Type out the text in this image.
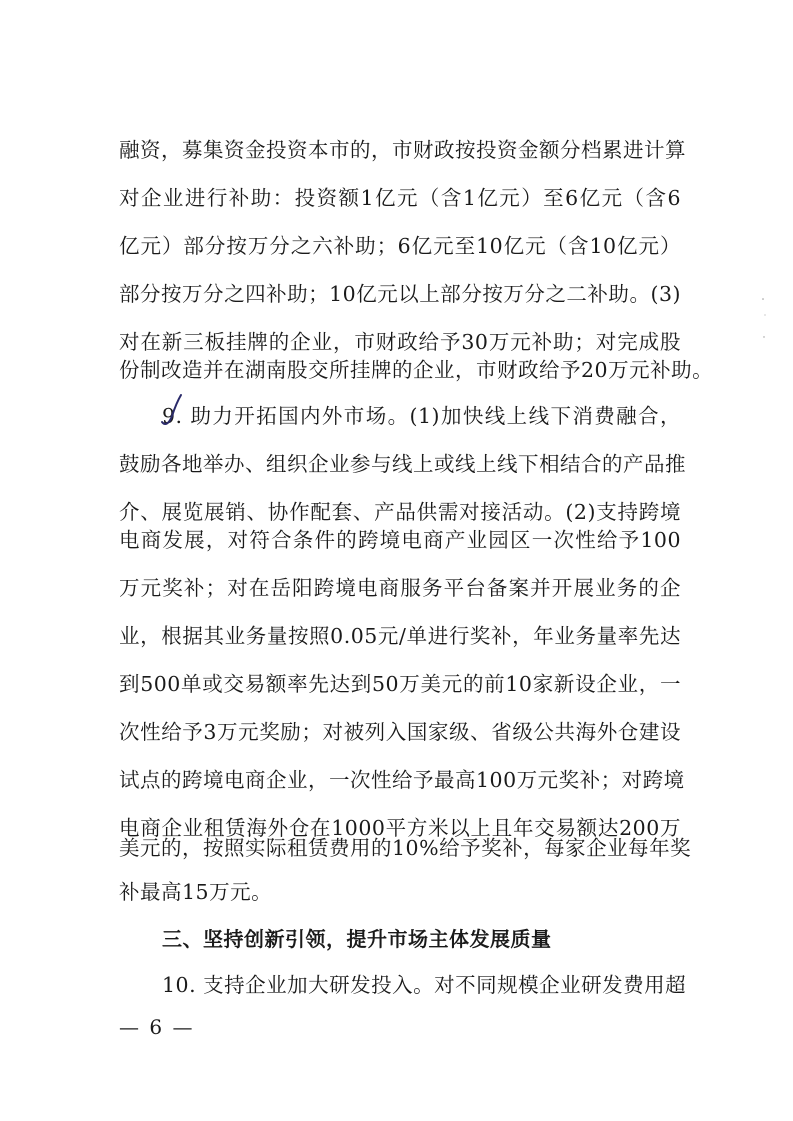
融资，募集资金投资本市的，市财政按投资金额分档累进计算
对企业进行补助：投资额1亿元（含1亿元）至6亿元（含6
亿元）部分按万分之六补助；6亿元至10亿元（含10亿元）
部分按万分之四补助；10亿元以上部分按万分之二补助。(3)
对在新三板挂牌的企业，市财政给予30万元补助；对完成股
份制改造并在湖南股交所挂牌的企业，市财政给予20万元补助。
9. 助力开拓国内外市场。(1)加快线上线下消费融合，
鼓励各地举办、组织企业参与线上或线上线下相结合的产品推
介、展览展销、协作配套、产品供需对接活动。(2)支持跨境
电商发展，对符合条件的跨境电商产业园区一次性给予100
万元奖补；对在岳阳跨境电商服务平台备案并开展业务的企
业，根据其业务量按照0.05元/单进行奖补，年业务量率先达
到500单或交易额率先达到50万美元的前10家新设企业，一
次性给予3万元奖励；对被列入国家级、省级公共海外仓建设
试点的跨境电商企业，一次性给予最高100万元奖补；对跨境
电商企业租赁海外仓在1000平方米以上且年交易额达200万
美元的，按照实际租赁费用的10%给予奖补，每家企业每年奖
补最高15万元。
三、坚持创新引领，提升市场主体发展质量
10. 支持企业加大研发投入。对不同规模企业研发费用超
— 6 —
